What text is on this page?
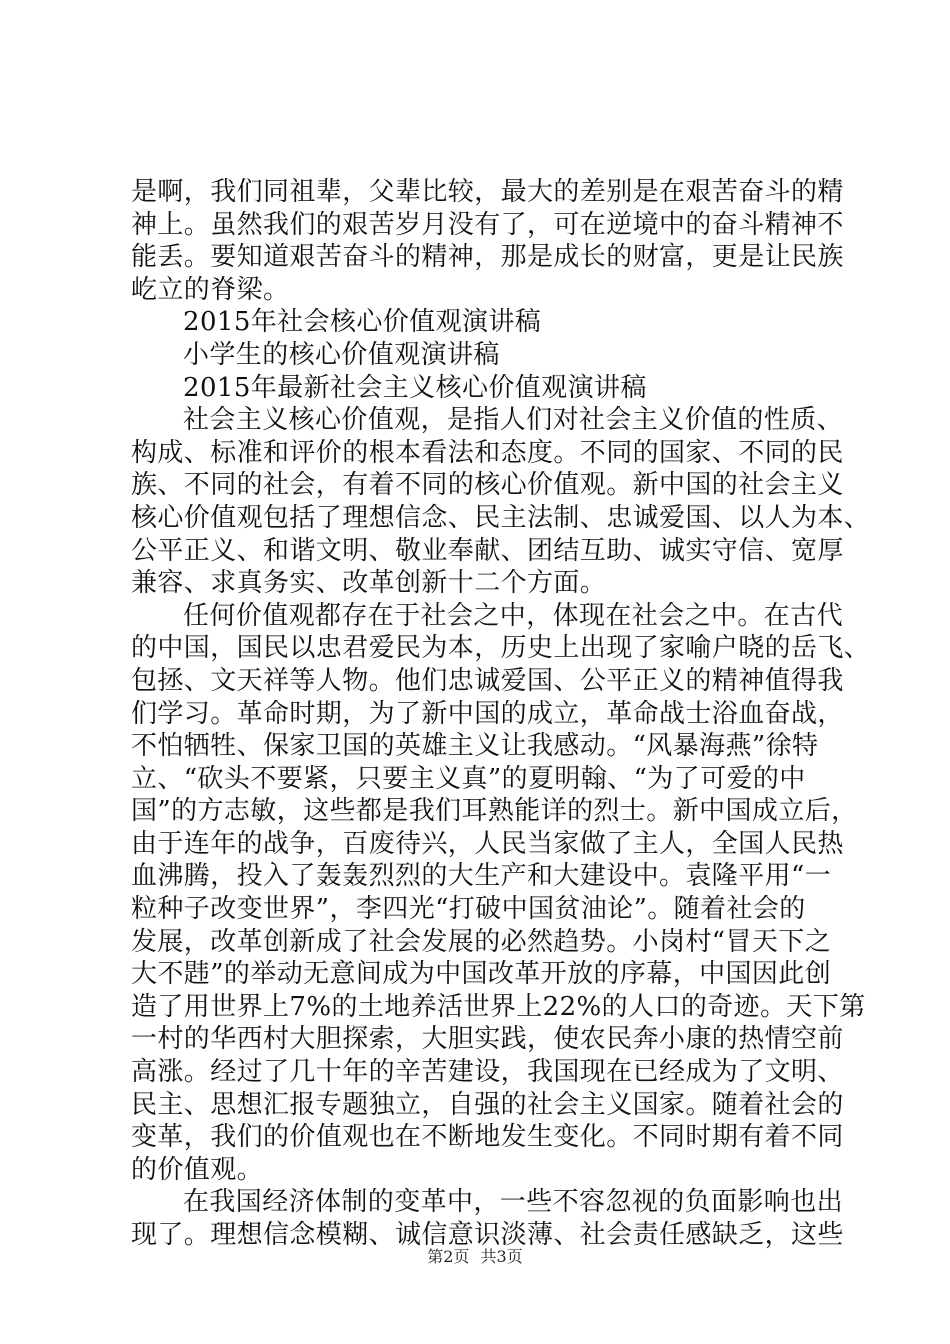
是啊，我们同祖辈，父辈比较，最大的差别是在艰苦奋斗的精
神上。虽然我们的艰苦岁月没有了，可在逆境中的奋斗精神不
能丢。要知道艰苦奋斗的精神，那是成长的财富，更是让民族
屹立的脊梁。
2015年社会核心价值观演讲稿
小学生的核心价值观演讲稿
2015年最新社会主义核心价值观演讲稿
社会主义核心价值观，是指人们对社会主义价值的性质、
构成、标准和评价的根本看法和态度。不同的国家、不同的民
族、不同的社会，有着不同的核心价值观。新中国的社会主义
核心价值观包括了理想信念、民主法制、忠诚爱国、以人为本、
公平正义、和谐文明、敬业奉献、团结互助、诚实守信、宽厚
兼容、求真务实、改革创新十二个方面。
任何价值观都存在于社会之中，体现在社会之中。在古代
的中国，国民以忠君爱民为本，历史上出现了家喻户晓的岳飞、
包拯、文天祥等人物。他们忠诚爱国、公平正义的精神值得我
们学习。革命时期，为了新中国的成立，革命战士浴血奋战，
不怕牺牲、保家卫国的英雄主义让我感动。“风暴海燕”徐特
立、“砍头不要紧，只要主义真”的夏明翰、“为了可爱的中
国”的方志敏，这些都是我们耳熟能详的烈士。新中国成立后，
由于连年的战争，百废待兴，人民当家做了主人，全国人民热
血沸腾，投入了轰轰烈烈的大生产和大建设中。袁隆平用“一
粒种子改变世界”，李四光“打破中国贫油论”。随着社会的
发展，改革创新成了社会发展的必然趋势。小岗村“冒天下之
大不韪”的举动无意间成为中国改革开放的序幕，中国因此创
造了用世界上7%的土地养活世界上22%的人口的奇迹。天下第
一村的华西村大胆探索，大胆实践，使农民奔小康的热情空前
高涨。经过了几十年的辛苦建设，我国现在已经成为了文明、
民主、思想汇报专题独立，自强的社会主义国家。随着社会的
变革，我们的价值观也在不断地发生变化。不同时期有着不同
的价值观。
在我国经济体制的变革中，一些不容忽视的负面影响也出
现了。理想信念模糊、诚信意识淡薄、社会责任感缺乏，这些
第2页 共3页
